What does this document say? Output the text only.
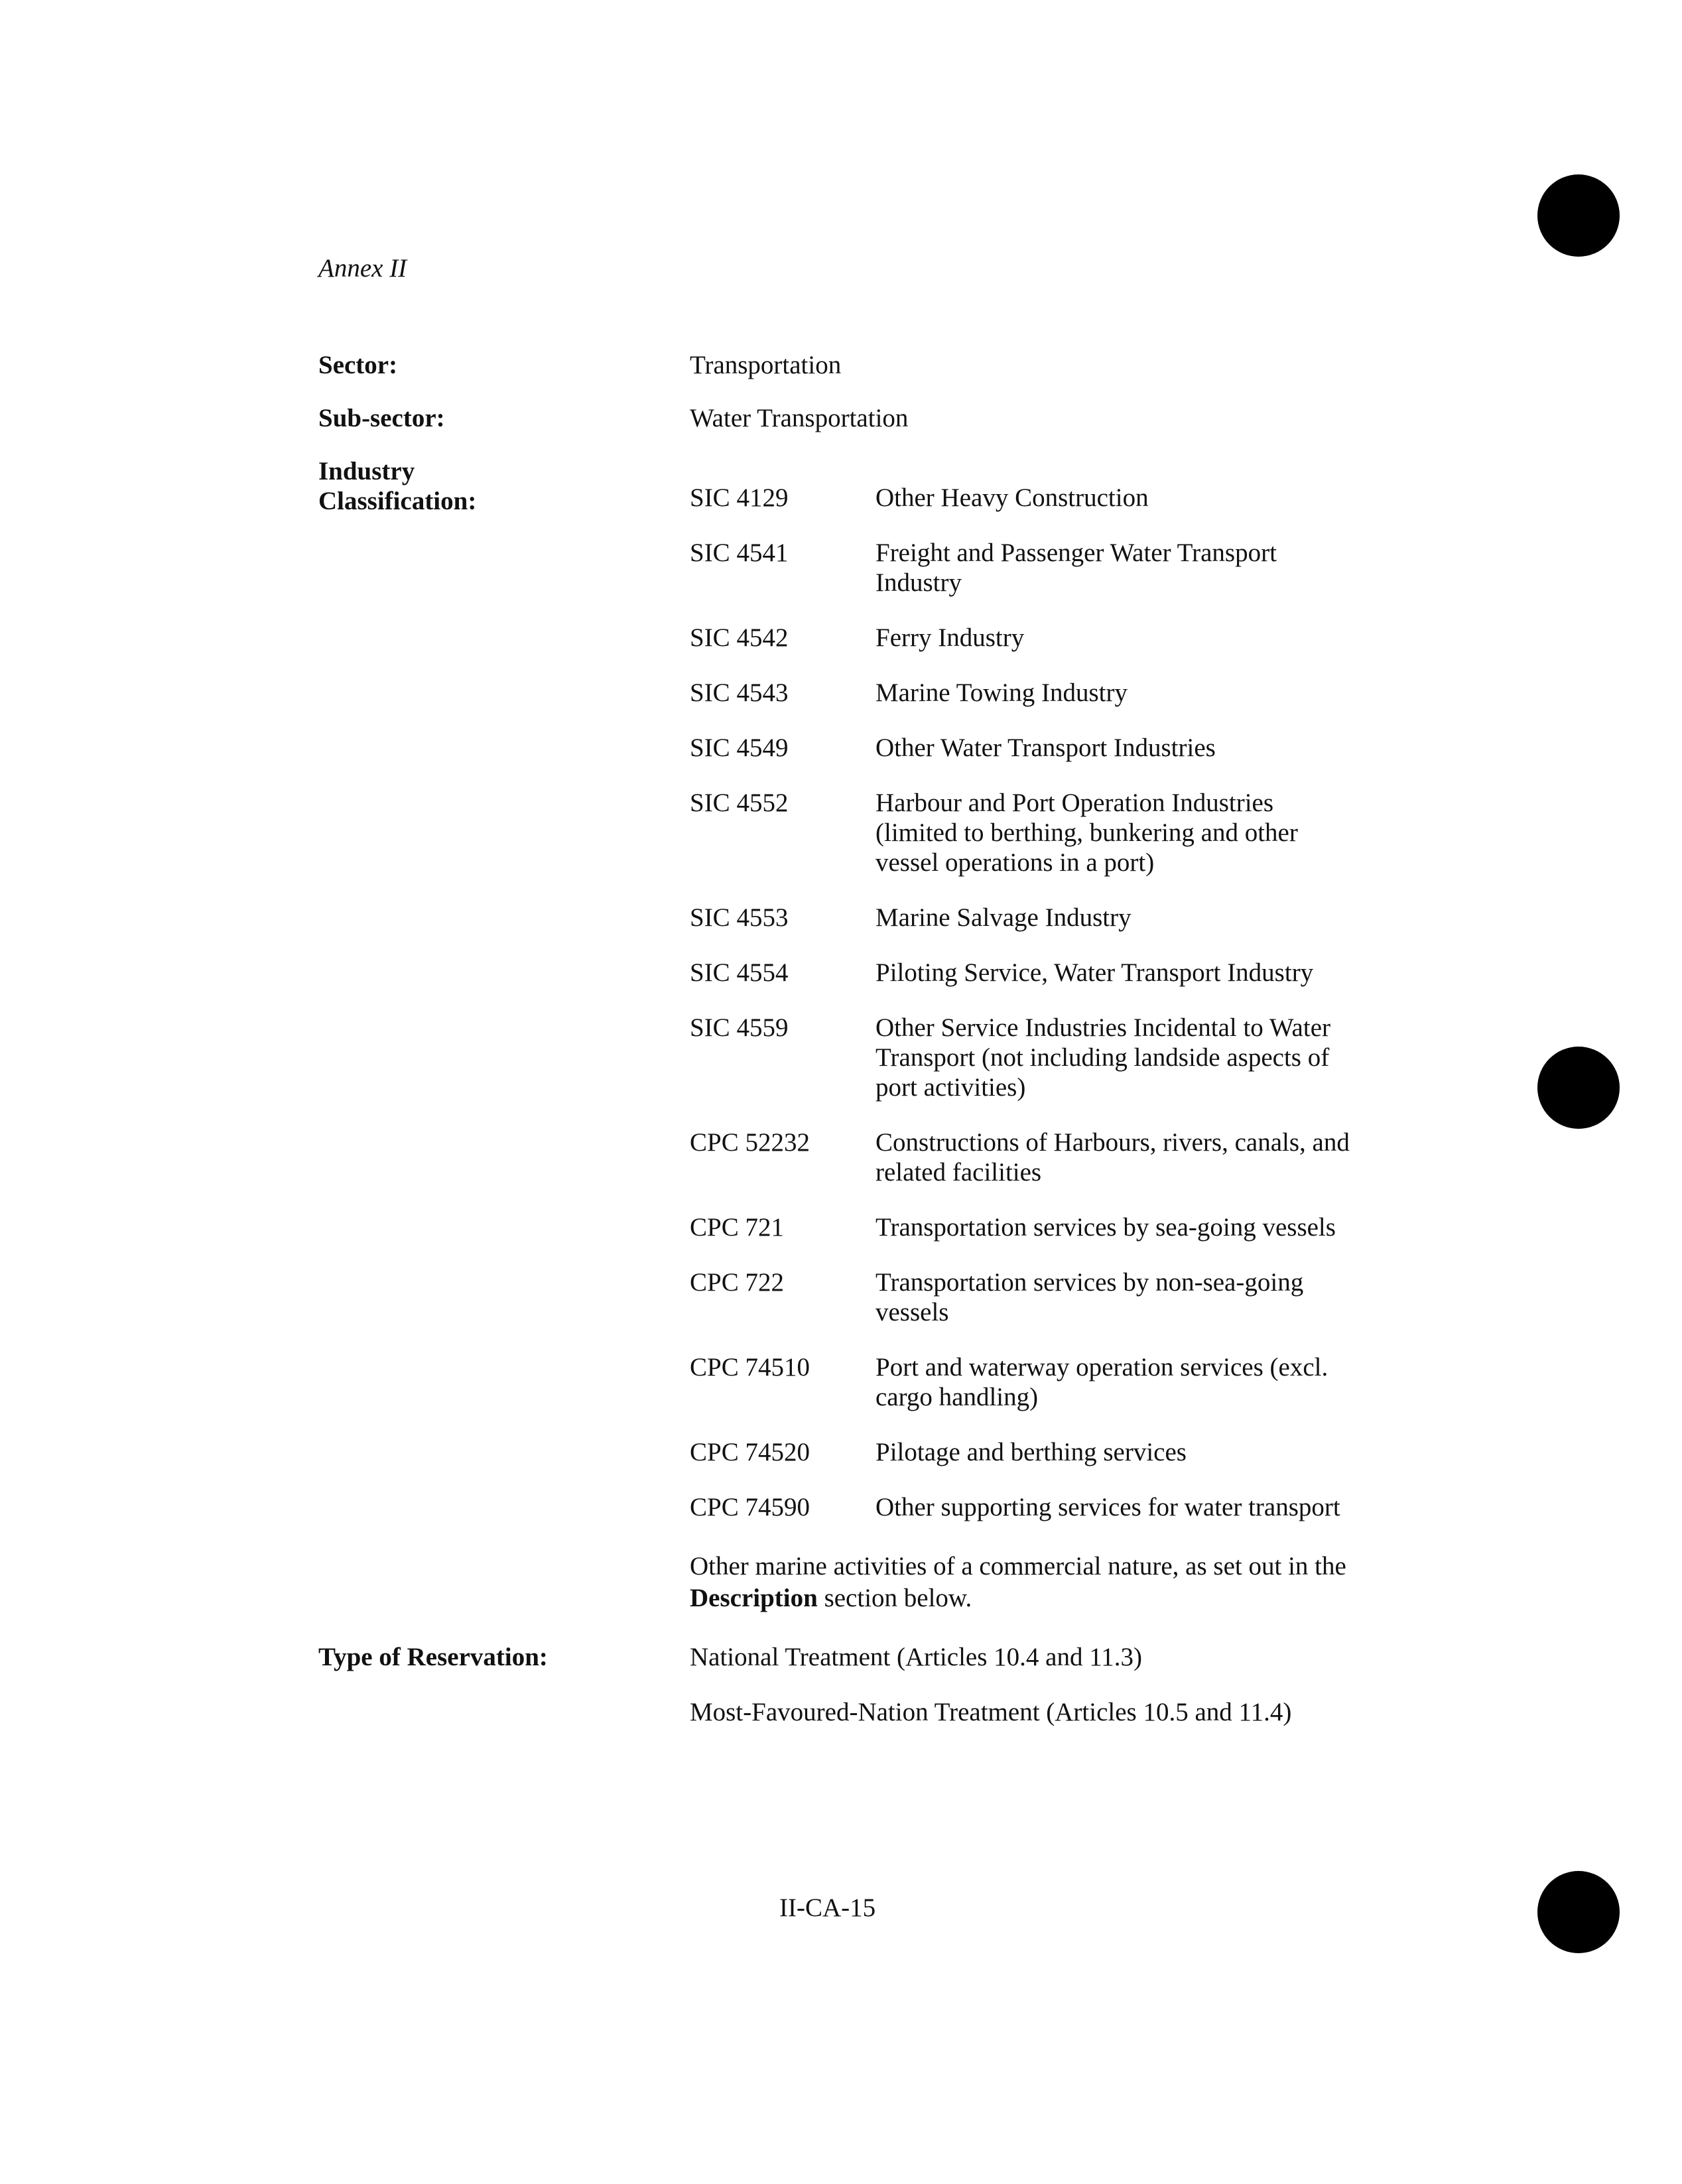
Annex II
Sector:	Transportation
Sub-sector:	Water Transportation
Industry
Classification:	SIC 4129	Other Heavy Construction
SIC 4541	Freight and Passenger Water Transport Industry
SIC 4542	Ferry Industry
SIC 4543	Marine Towing Industry
SIC 4549	Other Water Transport Industries
SIC 4552	Harbour and Port Operation Industries (limited to berthing, bunkering and other vessel operations in a port)
SIC 4553	Marine Salvage Industry
SIC 4554	Piloting Service, Water Transport Industry
SIC 4559	Other Service Industries Incidental to Water Transport (not including landside aspects of port activities)
CPC 52232	Constructions of Harbours, rivers, canals, and related facilities
CPC 721	Transportation services by sea-going vessels
CPC 722	Transportation services by non-sea-going vessels
CPC 74510	Port and waterway operation services (excl. cargo handling)
CPC 74520	Pilotage and berthing services
CPC 74590	Other supporting services for water transport
Other marine activities of a commercial nature, as set out in the Description section below.
Type of Reservation:	National Treatment (Articles 10.4 and 11.3)
Most-Favoured-Nation Treatment (Articles 10.5 and 11.4)
II-CA-15
